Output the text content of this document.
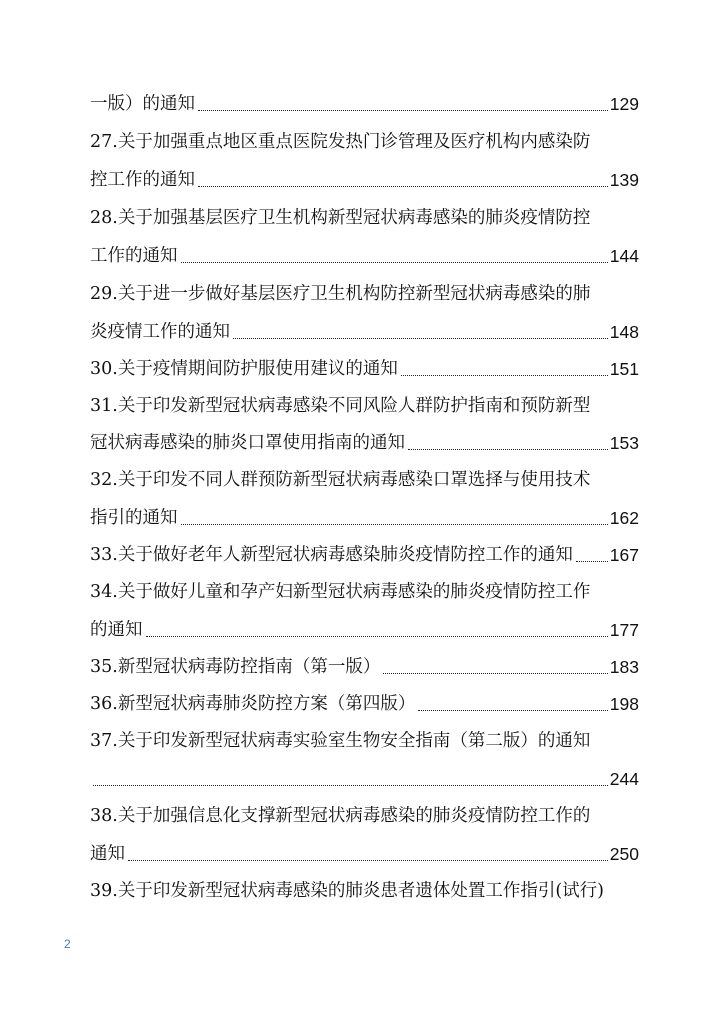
一版）的通知	129
27.关于加强重点地区重点医院发热门诊管理及医疗机构内感染防
控工作的通知	139
28.关于加强基层医疗卫生机构新型冠状病毒感染的肺炎疫情防控
工作的通知	144
29.关于进一步做好基层医疗卫生机构防控新型冠状病毒感染的肺
炎疫情工作的通知	148
30.关于疫情期间防护服使用建议的通知	151
31.关于印发新型冠状病毒感染不同风险人群防护指南和预防新型
冠状病毒感染的肺炎口罩使用指南的通知	153
32.关于印发不同人群预防新型冠状病毒感染口罩选择与使用技术
指引的通知	162
33.关于做好老年人新型冠状病毒感染肺炎疫情防控工作的通知 167
34.关于做好儿童和孕产妇新型冠状病毒感染的肺炎疫情防控工作
的通知	177
35.新型冠状病毒防控指南（第一版）	183
36.新型冠状病毒肺炎防控方案（第四版）	198
37.关于印发新型冠状病毒实验室生物安全指南（第二版）的通知
244
38.关于加强信息化支撑新型冠状病毒感染的肺炎疫情防控工作的
通知	250
39.关于印发新型冠状病毒感染的肺炎患者遗体处置工作指引(试行)
2
